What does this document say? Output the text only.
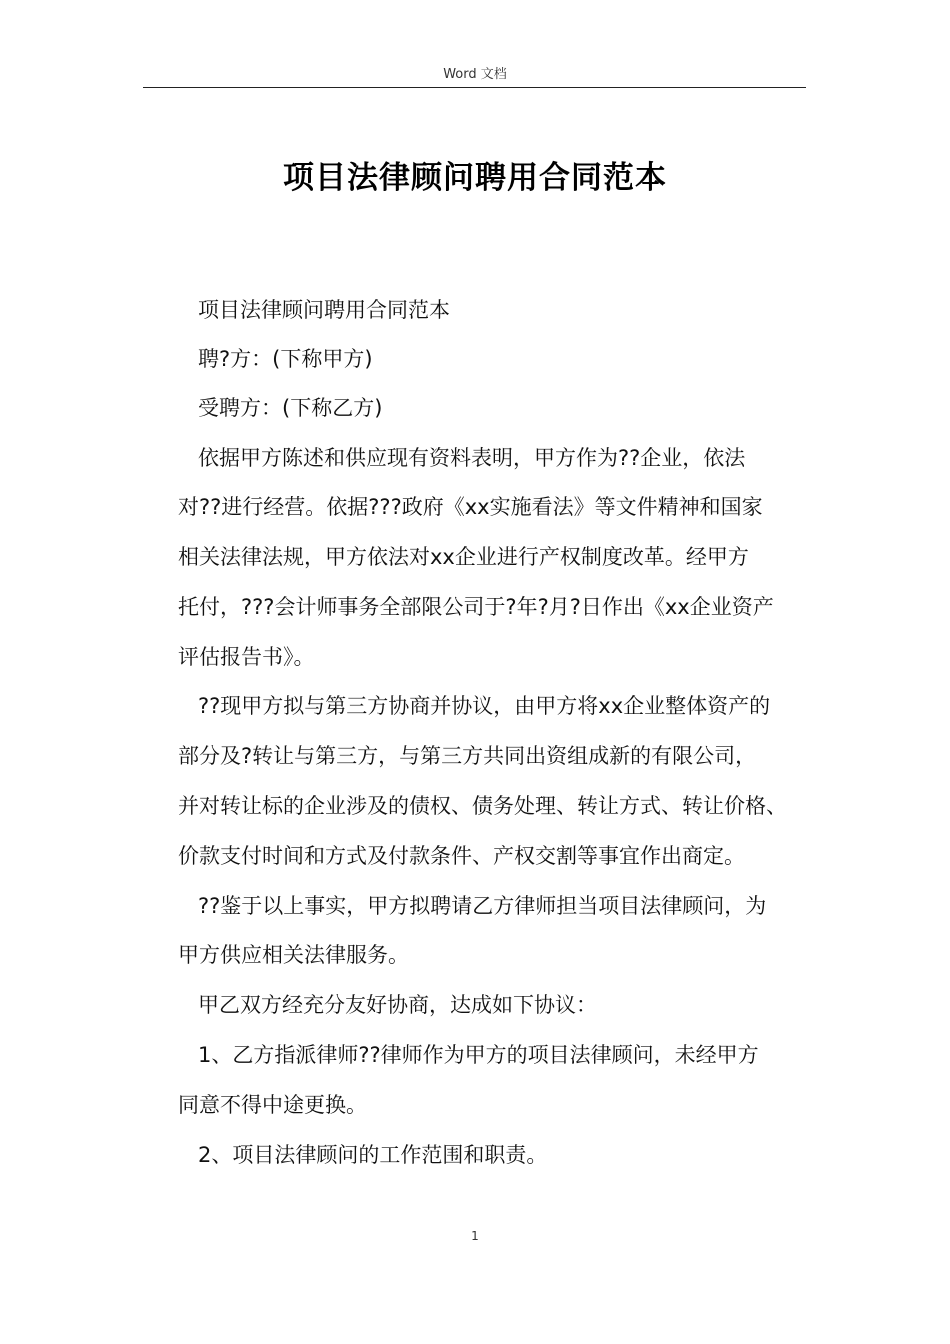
Word 文档
项目法律顾问聘用合同范本
项目法律顾问聘用合同范本
聘?方：(下称甲方)
受聘方：(下称乙方)
依据甲方陈述和供应现有资料表明，甲方作为??企业，依法
对??进行经营。依据???政府《xx实施看法》等文件精神和国家
相关法律法规，甲方依法对xx企业进行产权制度改革。经甲方
托付，???会计师事务全部限公司于?年?月?日作出《xx企业资产
评估报告书》。
??现甲方拟与第三方协商并协议，由甲方将xx企业整体资产的
部分及?转让与第三方，与第三方共同出资组成新的有限公司，
并对转让标的企业涉及的债权、债务处理、转让方式、转让价格、
价款支付时间和方式及付款条件、产权交割等事宜作出商定。
??鉴于以上事实，甲方拟聘请乙方律师担当项目法律顾问，为
甲方供应相关法律服务。
甲乙双方经充分友好协商，达成如下协议：
1、乙方指派律师??律师作为甲方的项目法律顾问，未经甲方
同意不得中途更换。
2、项目法律顾问的工作范围和职责。
1
